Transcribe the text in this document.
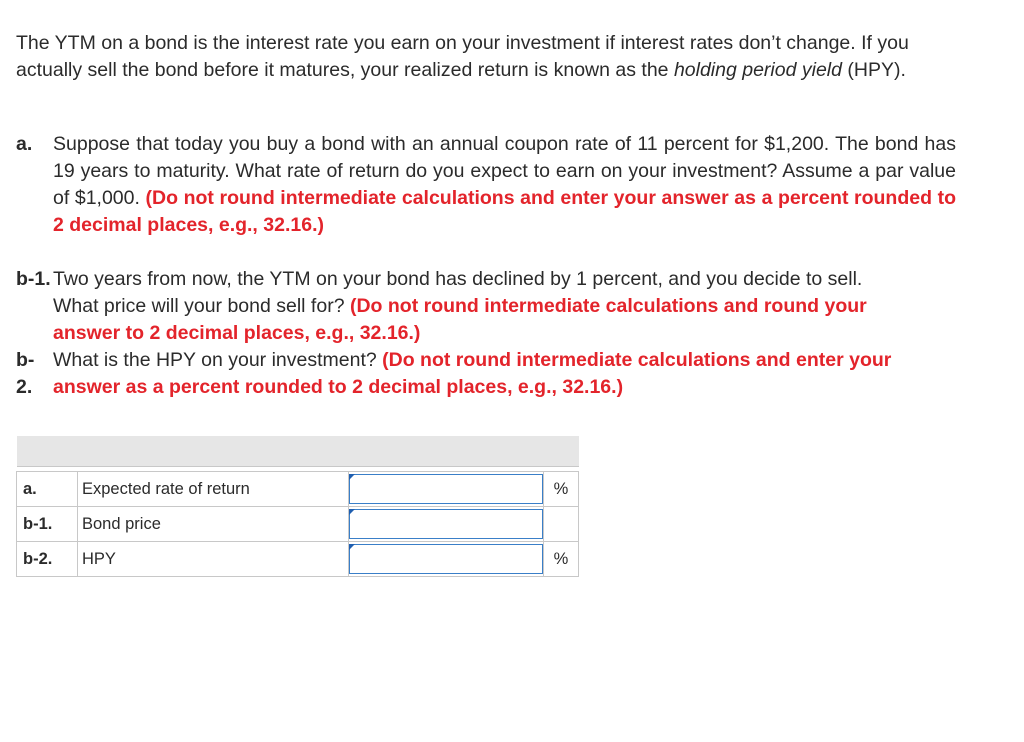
The YTM on a bond is the interest rate you earn on your investment if interest rates don’t change. If you actually sell the bond before it matures, your realized return is known as the holding period yield (HPY).

a. Suppose that today you buy a bond with an annual coupon rate of 11 percent for $1,200. The bond has 19 years to maturity. What rate of return do you expect to earn on your investment? Assume a par value of $1,000. (Do not round intermediate calculations and enter your answer as a percent rounded to 2 decimal places, e.g., 32.16.)
b-1. Two years from now, the YTM on your bond has declined by 1 percent, and you decide to sell. What price will your bond sell for? (Do not round intermediate calculations and round your answer to 2 decimal places, e.g., 32.16.)
b-
2.
What is the HPY on your investment? (Do not round intermediate calculations and enter your answer as a percent rounded to 2 decimal places, e.g., 32.16.)

a.	Expected rate of return		%
b-1.	Bond price	

b-2.	HPY		%
